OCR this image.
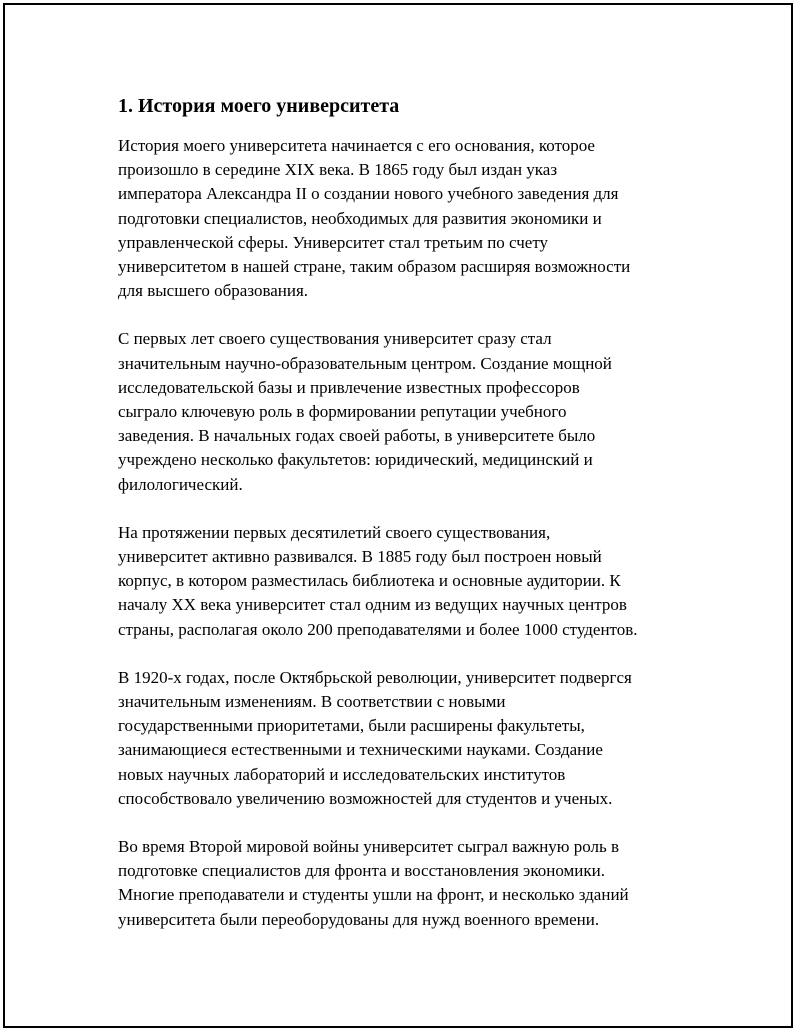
1. История моего университета

История моего университета начинается с его основания, которое
произошло в середине XIX века. В 1865 году был издан указ
императора Александра II о создании нового учебного заведения для
подготовки специалистов, необходимых для развития экономики и
управленческой сферы. Университет стал третьим по счету
университетом в нашей стране, таким образом расширяя возможности
для высшего образования.

С первых лет своего существования университет сразу стал
значительным научно-образовательным центром. Создание мощной
исследовательской базы и привлечение известных профессоров
сыграло ключевую роль в формировании репутации учебного
заведения. В начальных годах своей работы, в университете было
учреждено несколько факультетов: юридический, медицинский и
филологический.

На протяжении первых десятилетий своего существования,
университет активно развивался. В 1885 году был построен новый
корпус, в котором разместилась библиотека и основные аудитории. К
началу XX века университет стал одним из ведущих научных центров
страны, располагая около 200 преподавателями и более 1000 студентов.

В 1920-х годах, после Октябрьской революции, университет подвергся
значительным изменениям. В соответствии с новыми
государственными приоритетами, были расширены факультеты,
занимающиеся естественными и техническими науками. Создание
новых научных лабораторий и исследовательских институтов
способствовало увеличению возможностей для студентов и ученых.

Во время Второй мировой войны университет сыграл важную роль в
подготовке специалистов для фронта и восстановления экономики.
Многие преподаватели и студенты ушли на фронт, и несколько зданий
университета были переоборудованы для нужд военного времени.
